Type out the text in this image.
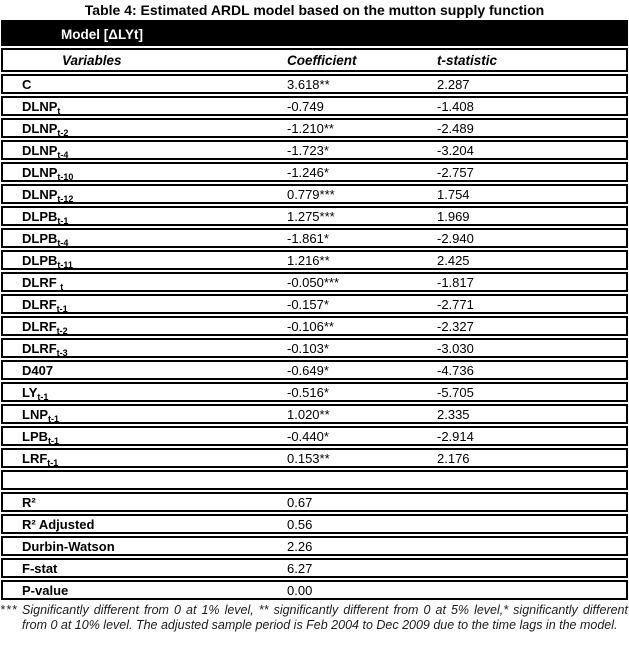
Table 4: Estimated ARDL model based on the mutton supply function
Model [ΔLYt]
Variables	Coefficient	t-statistic
C	3.618**	2.287
$DLNP_t$	-0.749	-1.408
$DLNP_{t-2}$	-1.210**	-2.489
$DLNP_{t-4}$	-1.723*	-3.204
$DLNP_{t-10}$	-1.246*	-2.757
$DLNP_{t-12}$	0.779***	1.754
$DLPB_{t-1}$	1.275***	1.969
$DLPB_{t-4}$	-1.861*	-2.940
$DLPB_{t-11}$	1.216**	2.425
DLRF $_t$	-0.050***	-1.817
$DLRF_{t-1}$	-0.157*	-2.771
$DLRF_{t-2}$	-0.106**	-2.327
$DLRF_{t-3}$	-0.103*	-3.030
D407	-0.649*	-4.736
$LY_{t-1}$	-0.516*	-5.705
$LNP_{t-1}$	1.020**	2.335
$LPB_{t-1}$	-0.440*	-2.914
$LRF_{t-1}$	0.153**	2.176
R²	0.67
R² Adjusted	0.56
Durbin-Watson	2.26
F-stat	6.27
P-value	0.00
*** Significantly different from 0 at 1% level, ** significantly different from 0 at 5% level,* significantly different from 0 at 10% level. The adjusted sample period is Feb 2004 to Dec 2009 due to the time lags in the model.
